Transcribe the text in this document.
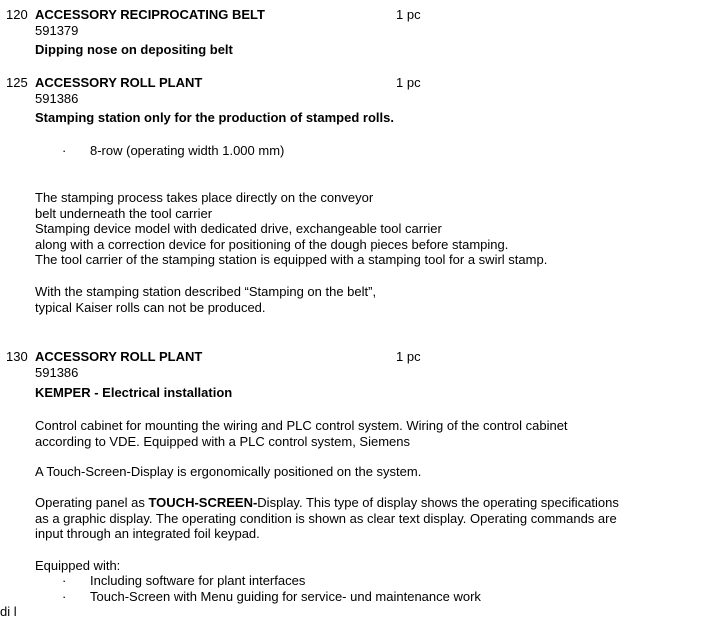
120 ACCESSORY RECIPROCATING BELT	1 pc
591379
Dipping nose on depositing belt
125 ACCESSORY ROLL PLANT	1 pc
591386
Stamping station only for the production of stamped rolls.
· 8-row (operating width 1.000 mm)
The stamping process takes place directly on the conveyor
belt underneath the tool carrier
Stamping device model with dedicated drive, exchangeable tool carrier
along with a correction device for positioning of the dough pieces before stamping.
The tool carrier of the stamping station is equipped with a stamping tool for a swirl stamp.
With the stamping station described “Stamping on the belt”,
typical Kaiser rolls can not be produced.
130 ACCESSORY ROLL PLANT	1 pc
591386
KEMPER - Electrical installation
Control cabinet for mounting the wiring and PLC control system. Wiring of the control cabinet
according to VDE. Equipped with a PLC control system, Siemens
A Touch-Screen-Display is ergonomically positioned on the system.
Operating panel as TOUCH-SCREEN-Display. This type of display shows the operating specifications
as a graphic display. The operating condition is shown as clear text display. Operating commands are
input through an integrated foil keypad.
Equipped with:
· Including software for plant interfaces
· Touch-Screen with Menu guiding for service- und maintenance work
di l
